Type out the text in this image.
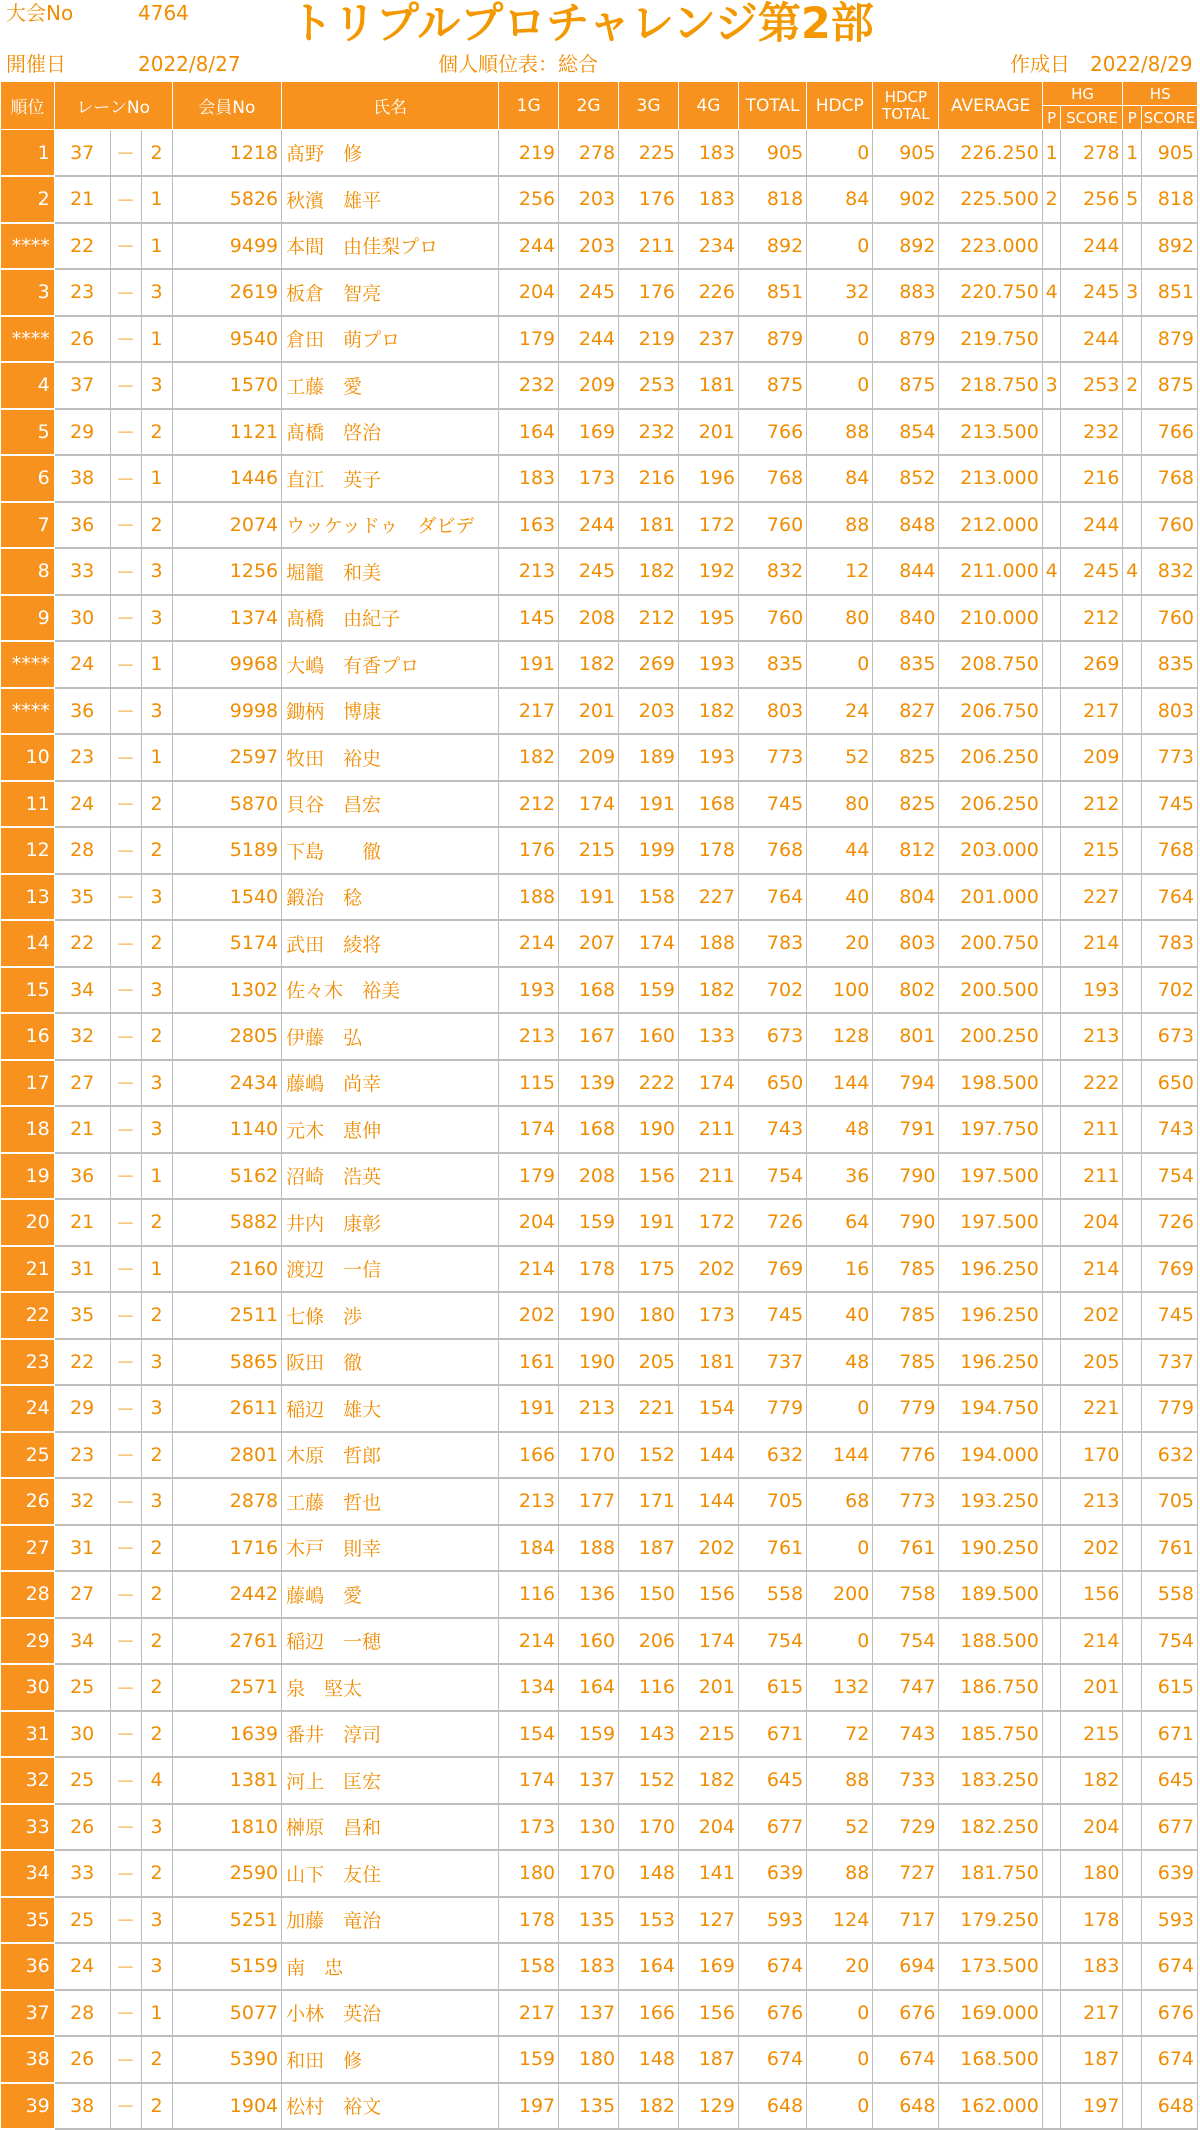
大会No	4764
開催日	2022/8/27
トリプルプロチャレンジ第2部
個人順位表：総合	作成日 2022/8/29
順位	レーンNo			会員No	氏名	1G	2G	3G	4G	TOTAL	HDCP	HDCP
TOTAL	AVERAGE	HG		HS	
														P	SCORE	P	SCORE
1	37	－	2	1218	髙野　修	219	278	225	183	905	0	905	226.250	1	278	1	905
2	21	－	1	5826	秋濱　雄平	256	203	176	183	818	84	902	225.500	2	256	5	818
****	22	－	1	9499	本間　由佳梨プロ	244	203	211	234	892	0	892	223.000		244		892
3	23	－	3	2619	板倉　智亮	204	245	176	226	851	32	883	220.750	4	245	3	851
****	26	－	1	9540	倉田　萌プロ	179	244	219	237	879	0	879	219.750		244		879
4	37	－	3	1570	工藤　愛	232	209	253	181	875	0	875	218.750	3	253	2	875
5	29	－	2	1121	髙橋　啓治	164	169	232	201	766	88	854	213.500		232		766
6	38	－	1	1446	直江　英子	183	173	216	196	768	84	852	213.000		216		768
7	36	－	2	2074	ウッケッドゥ　ダビデ	163	244	181	172	760	88	848	212.000		244		760
8	33	－	3	1256	堀籠　和美	213	245	182	192	832	12	844	211.000	4	245	4	832
9	30	－	3	1374	髙橋　由紀子	145	208	212	195	760	80	840	210.000		212		760
****	24	－	1	9968	大嶋　有香プロ	191	182	269	193	835	0	835	208.750		269		835
****	36	－	3	9998	鋤柄　博康	217	201	203	182	803	24	827	206.750		217		803
10	23	－	1	2597	牧田　裕史	182	209	189	193	773	52	825	206.250		209		773
11	24	－	2	5870	貝谷　昌宏	212	174	191	168	745	80	825	206.250		212		745
12	28	－	2	5189	下島　　徹	176	215	199	178	768	44	812	203.000		215		768
13	35	－	3	1540	鍛治　稔	188	191	158	227	764	40	804	201.000		227		764
14	22	－	2	5174	武田　綾将	214	207	174	188	783	20	803	200.750		214		783
15	34	－	3	1302	佐々木　裕美	193	168	159	182	702	100	802	200.500		193		702
16	32	－	2	2805	伊藤　弘	213	167	160	133	673	128	801	200.250		213		673
17	27	－	3	2434	藤嶋　尚幸	115	139	222	174	650	144	794	198.500		222		650
18	21	－	3	1140	元木　恵伸	174	168	190	211	743	48	791	197.750		211		743
19	36	－	1	5162	沼崎　浩英	179	208	156	211	754	36	790	197.500		211		754
20	21	－	2	5882	井内　康彰	204	159	191	172	726	64	790	197.500		204		726
21	31	－	1	2160	渡辺　一信	214	178	175	202	769	16	785	196.250		214		769
22	35	－	2	2511	七條　渉	202	190	180	173	745	40	785	196.250		202		745
23	22	－	3	5865	阪田　徹	161	190	205	181	737	48	785	196.250		205		737
24	29	－	3	2611	稲辺　雄大	191	213	221	154	779	0	779	194.750		221		779
25	23	－	2	2801	木原　哲郎	166	170	152	144	632	144	776	194.000		170		632
26	32	－	3	2878	工藤　哲也	213	177	171	144	705	68	773	193.250		213		705
27	31	－	2	1716	木戸　則幸	184	188	187	202	761	0	761	190.250		202		761
28	27	－	2	2442	藤嶋　愛	116	136	150	156	558	200	758	189.500		156		558
29	34	－	2	2761	稲辺　一穂	214	160	206	174	754	0	754	188.500		214		754
30	25	－	2	2571	泉　堅太	134	164	116	201	615	132	747	186.750		201		615
31	30	－	2	1639	番井　淳司	154	159	143	215	671	72	743	185.750		215		671
32	25	－	4	1381	河上　匡宏	174	137	152	182	645	88	733	183.250		182		645
33	26	－	3	1810	榊原　昌和	173	130	170	204	677	52	729	182.250		204		677
34	33	－	2	2590	山下　友住	180	170	148	141	639	88	727	181.750		180		639
35	25	－	3	5251	加藤　竜治	178	135	153	127	593	124	717	179.250		178		593
36	24	－	3	5159	南　忠	158	183	164	169	674	20	694	173.500		183		674
37	28	－	1	5077	小林　英治	217	137	166	156	676	0	676	169.000		217		676
38	26	－	2	5390	和田　修	159	180	148	187	674	0	674	168.500		187		674
39	38	－	2	1904	松村　裕文	197	135	182	129	648	0	648	162.000		197		648
